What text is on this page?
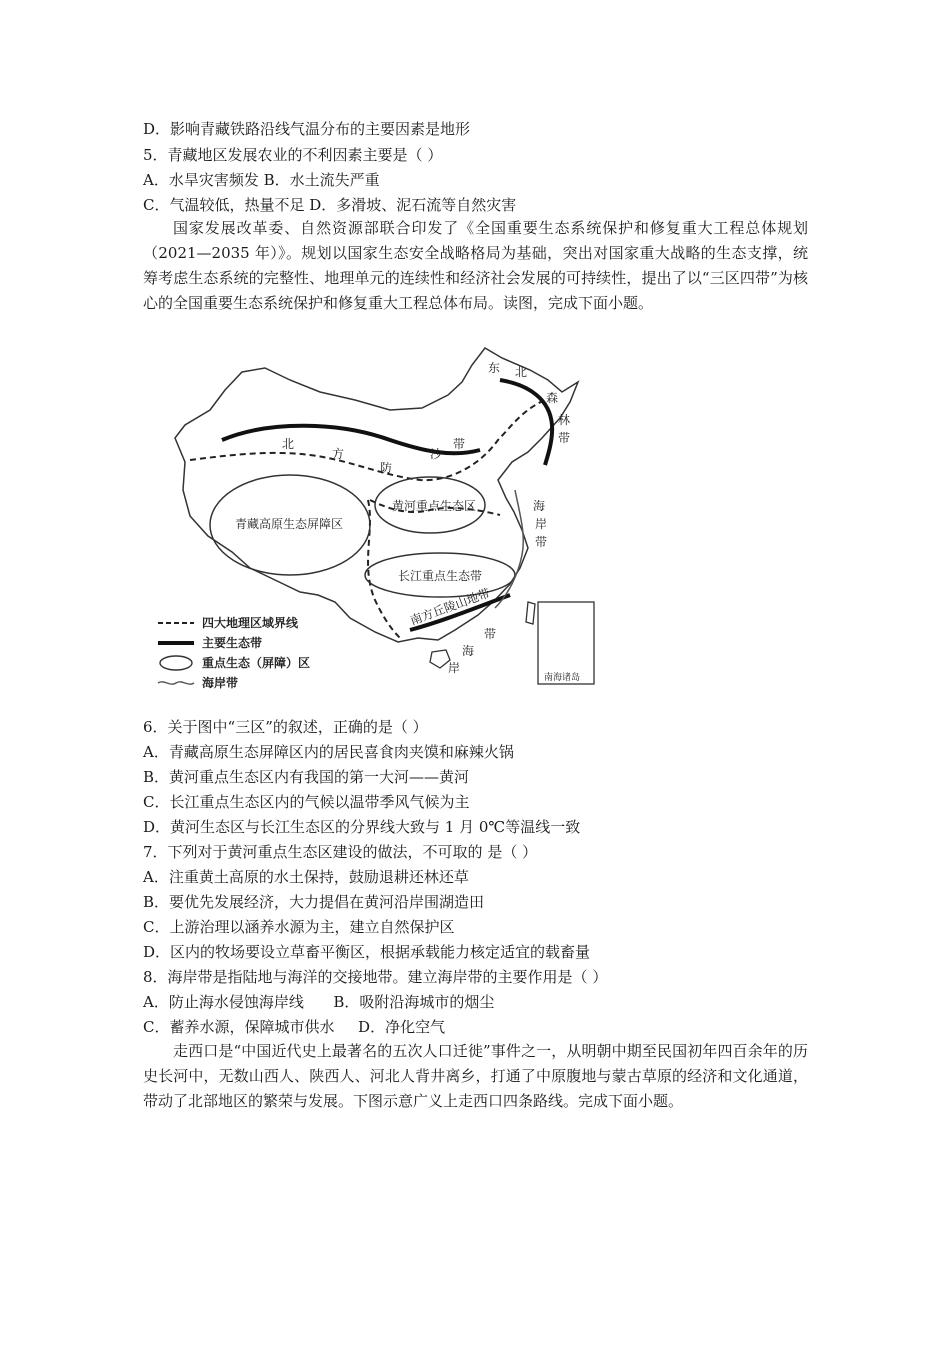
D．影响青藏铁路沿线气温分布的主要因素是地形
5．青藏地区发展农业的不利因素主要是（ ）
A．水旱灾害频发 B．水土流失严重
C．气温较低，热量不足 D．多滑坡、泥石流等自然灾害
国家发展改革委、自然资源部联合印发了《全国重要生态系统保护和修复重大工程总体规划（2021—2035 年）》。规划以国家生态安全战略格局为基础，突出对国家重大战略的生态支撑，统筹考虑生态系统的完整性、地理单元的连续性和经济社会发展的可持续性，提出了以“三区四带”为核心的全国重要生态系统保护和修复重大工程总体布局。读图，完成下面小题。
南海诸岛
东 北
森
林
带
北
方
防
沙
带
青藏高原生态屏障区
黄河重点生态区
长江重点生态带
南方丘陵山地带
海
岸
带
带
海
岸
四大地理区域界线
主要生态带
重点生态（屏障）区
海岸带
6．关于图中“三区”的叙述，正确的是（ ）
A．青藏高原生态屏障区内的居民喜食肉夹馍和麻辣火锅
B．黄河重点生态区内有我国的第一大河——黄河
C．长江重点生态区内的气候以温带季风气候为主
D．黄河生态区与长江生态区的分界线大致与 1 月 0℃等温线一致
7．下列对于黄河重点生态区建设的做法，不可取的 是（ ）
A．注重黄土高原的水土保持，鼓励退耕还林还草
B．要优先发展经济，大力提倡在黄河沿岸围湖造田
C．上游治理以涵养水源为主，建立自然保护区
D．区内的牧场要设立草畜平衡区，根据承载能力核定适宜的载畜量
8．海岸带是指陆地与海洋的交接地带。建立海岸带的主要作用是（ ）
A．防止海水侵蚀海岸线 B．吸附沿海城市的烟尘
C．蓄养水源，保障城市供水 D．净化空气
走西口是“中国近代史上最著名的五次人口迁徙”事件之一，从明朝中期至民国初年四百余年的历史长河中，无数山西人、陕西人、河北人背井离乡，打通了中原腹地与蒙古草原的经济和文化通道，带动了北部地区的繁荣与发展。下图示意广义上走西口四条路线。完成下面小题。
